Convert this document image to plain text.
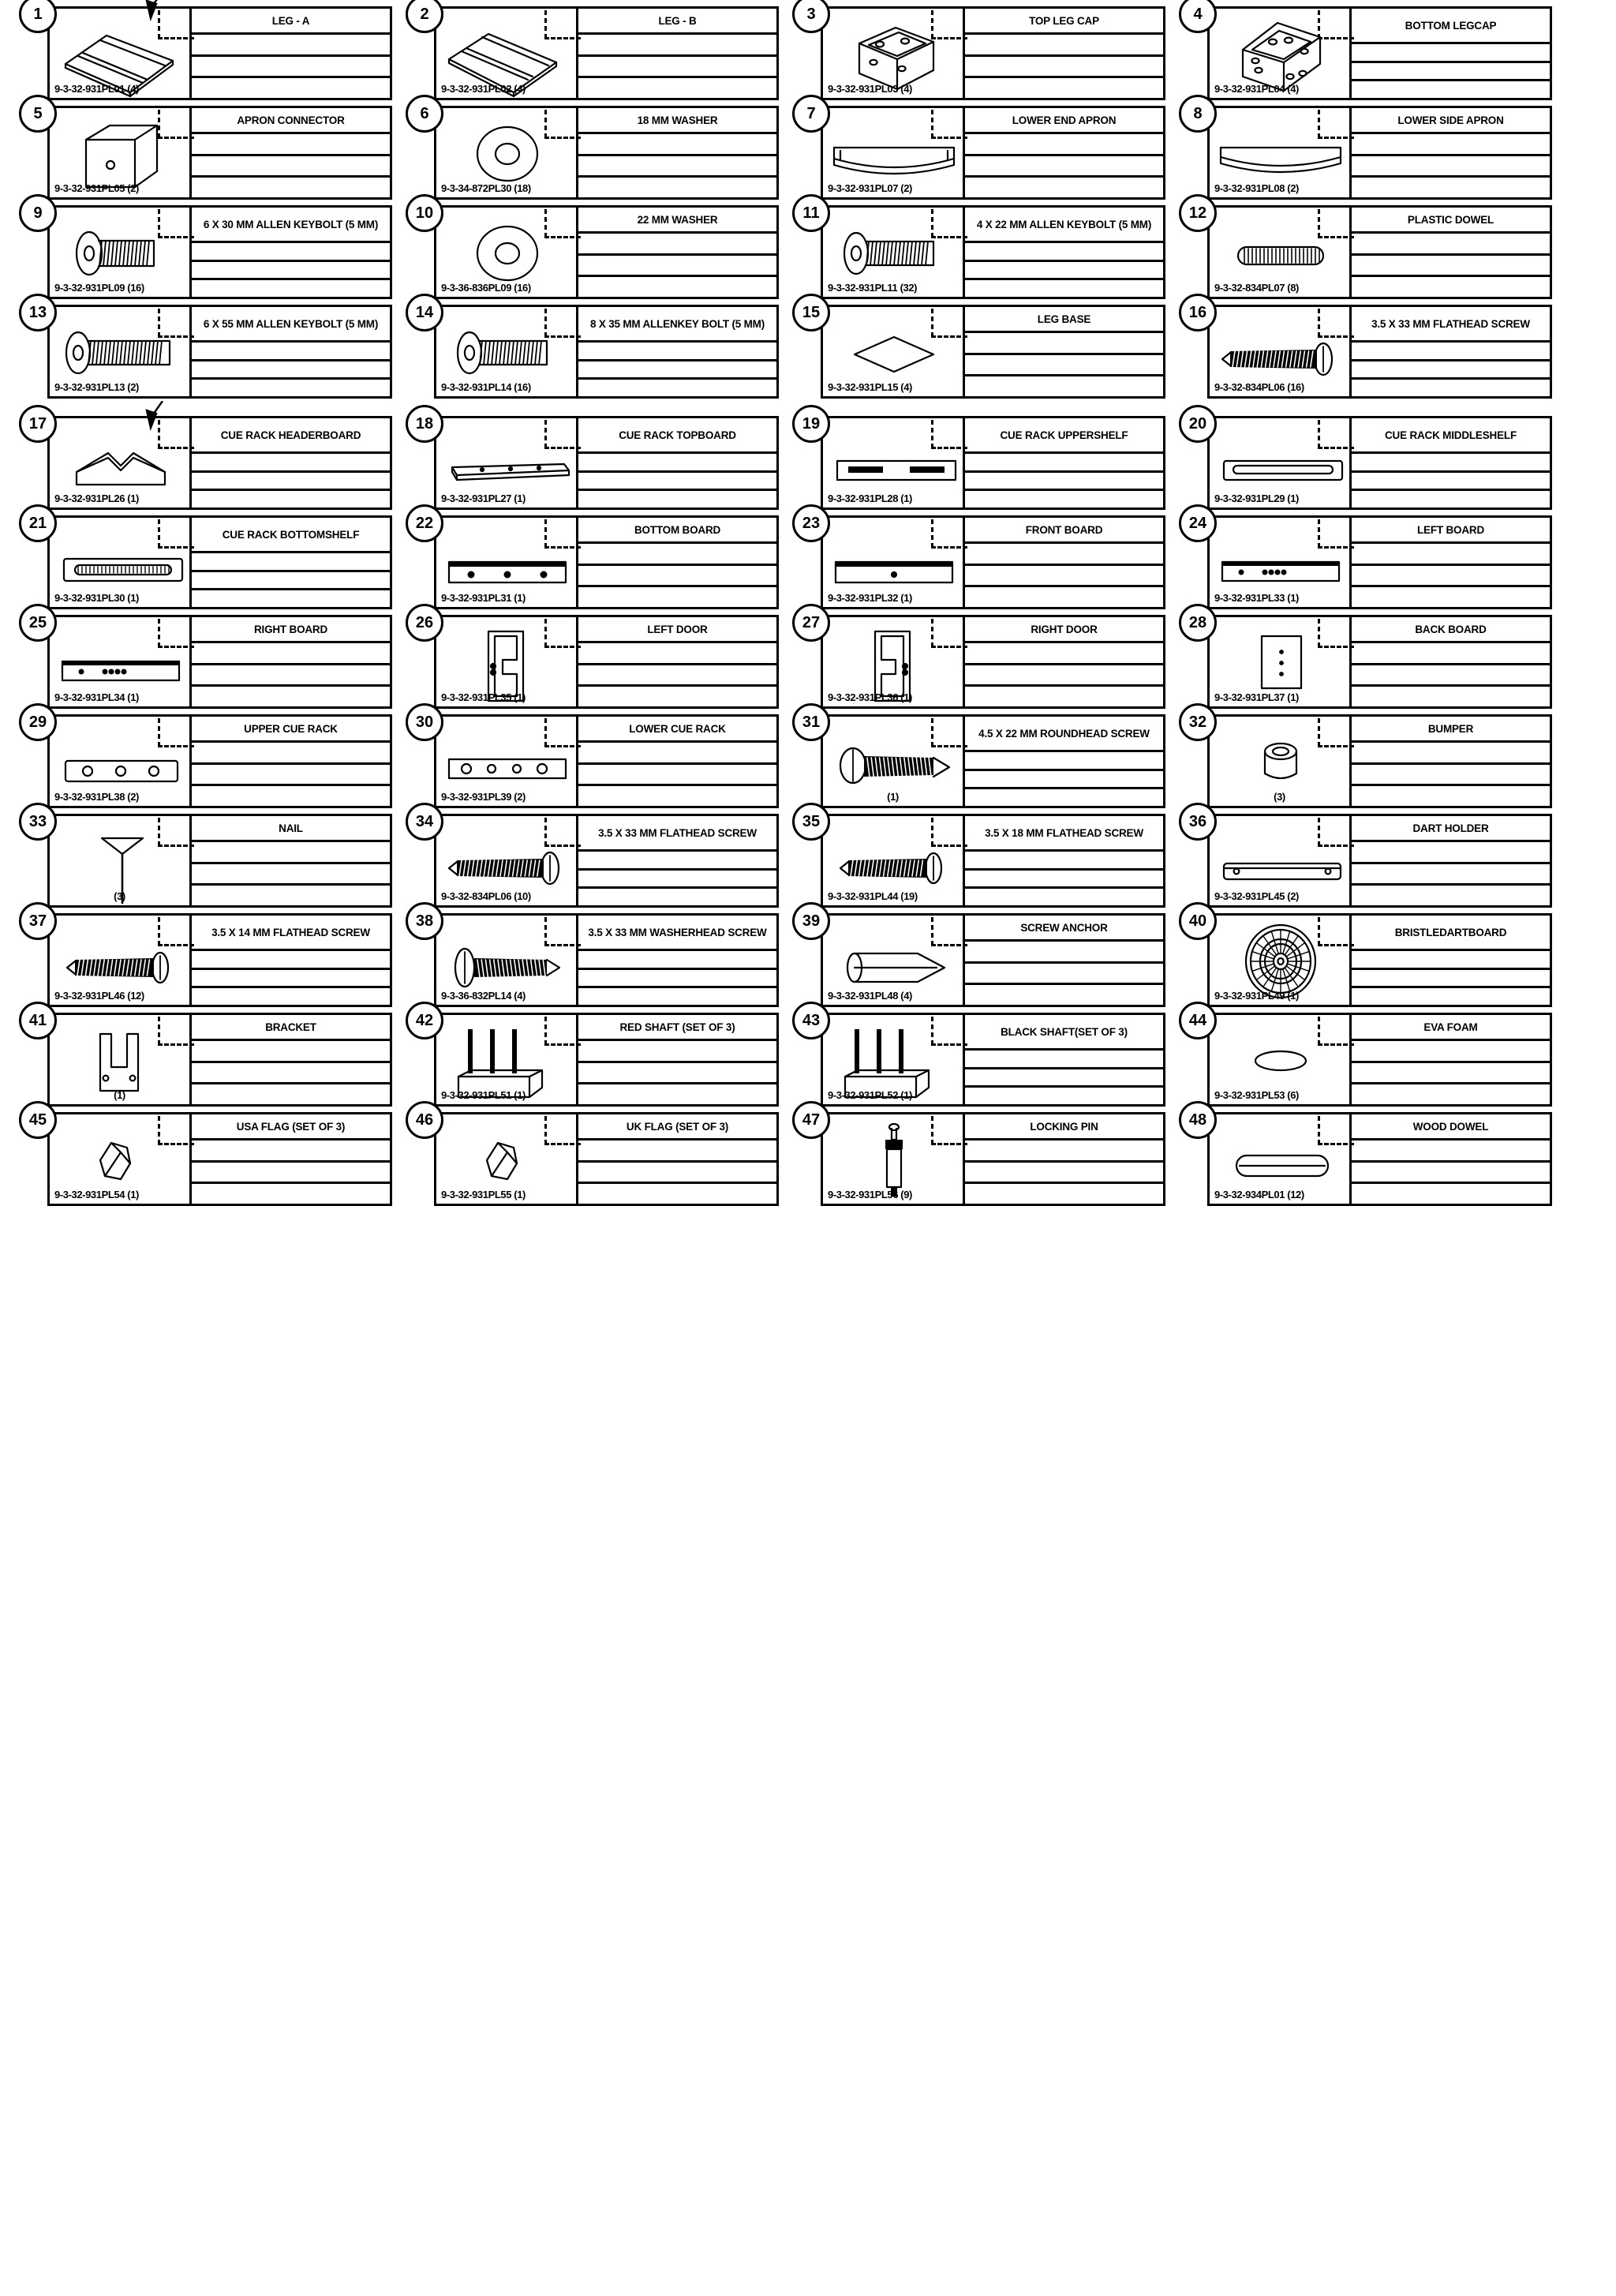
1
9-3-32-931PL01 (4)
LEG - A	2
9-3-32-931PL02 (4)
LEG - B	3
9-3-32-931PL03 (4)
TOP LEG CAP	4
9-3-32-931PL04 (4)
BOTTOM LEG CAP
5
9-3-32-931PL05 (2)
APRON CONNECTOR	6
9-3-34-872PL30 (18)
18 MM WASHER	7
9-3-32-931PL07 (2)
LOWER END APRON	8
9-3-32-931PL08 (2)
LOWER SIDE APRON
9
9-3-32-931PL09 (16)
6 X 30 MM ALLEN KEY BOLT (5 MM)
10
9-3-36-836PL09 (16)
22 MM WASHER	11
9-3-32-931PL11 (32)
4 X 22 MM ALLEN KEY BOLT (5 MM)
12
9-3-32-834PL07 (8)
PLASTIC DOWEL
13
9-3-32-931PL13 (2)
6 X 55 MM ALLEN KEY BOLT (5 MM)
14
9-3-32-931PL14 (16)
8 X 35 MM ALLEN KEY BOLT (5 MM)
15
9-3-32-931PL15 (4)
LEG BASE	16
9-3-32-834PL06 (16)
3.5 X 33 MM FLAT HEAD SCREW
17
9-3-32-931PL26 (1)
CUE RACK HEADER BOARD
18
9-3-32-931PL27 (1)
CUE RACK TOP BOARD
19
9-3-32-931PL28 (1)
CUE RACK UPPER SHELF
20
9-3-32-931PL29 (1)
CUE RACK MIDDLE SHELF
21
9-3-32-931PL30 (1)
CUE RACK BOTTOM SHELF
22
9-3-32-931PL31 (1)
BOTTOM BOARD	23
9-3-32-931PL32 (1)
FRONT BOARD	24
9-3-32-931PL33 (1)
LEFT BOARD
25
9-3-32-931PL34 (1)
RIGHT BOARD	26
9-3-32-931PL35 (1)
LEFT DOOR	27
9-3-32-931PL36 (1)
RIGHT DOOR	28
9-3-32-931PL37 (1)
BACK BOARD
29
9-3-32-931PL38 (2)
UPPER CUE RACK	30
9-3-32-931PL39 (2)
LOWER CUE RACK	31
(1)
4.5 X 22 MM ROUND HEAD SCREW
32
(3)
BUMPER
33
(3)
NAIL	34
9-3-32-834PL06 (10)
3.5 X 33 MM FLAT HEAD SCREW
35
9-3-32-931PL44 (19)
3.5 X 18 MM FLAT HEAD SCREW
36
9-3-32-931PL45 (2)
DART HOLDER
37
9-3-32-931PL46 (12)
3.5 X 14 MM FLAT HEAD SCREW
38
9-3-36-832PL14 (4)
3.5 X 33 MM WASHER HEAD SCREW
39
9-3-32-931PL48 (4)
SCREW ANCHOR	40
9-3-32-931PL49 (1)
BRISTLE DARTBOARD
41
(1)
BRACKET	42
9-3-32-931PL51 (1)
RED SHAFT (SET OF 3)	43
9-3-32-931PL52 (1)
BLACK SHAFT (SET OF 3)
44
9-3-32-931PL53 (6)
EVA FOAM
45
9-3-32-931PL54 (1)
USA FLAG (SET OF 3)	46
9-3-32-931PL55 (1)
UK FLAG (SET OF 3)	47
9-3-32-931PL56 (9)
LOCKING PIN	48
9-3-32-934PL01 (12)
WOOD DOWEL
